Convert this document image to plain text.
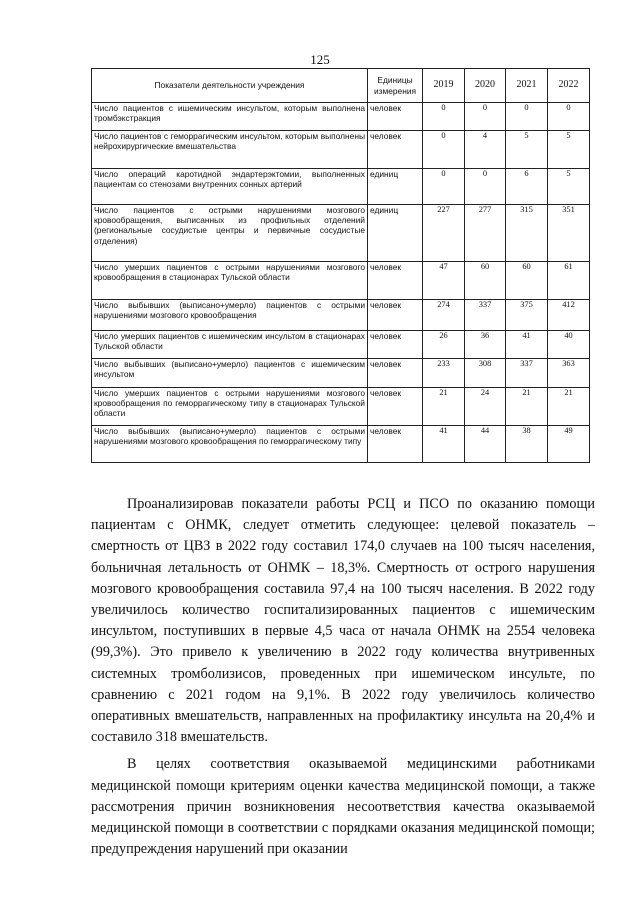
125
Показатели деятельности учреждения	Единицы измерения	2019	2020	2021	2022
Число пациентов с ишемическим инсультом, которым выполнена тромбэкстракция	человек	0	0	0	0
Число пациентов с геморрагическим инсультом, которым выполнены нейрохирургические вмешательства	человек	0	4	5	5
Число операций каротидной эндартерэктомии, выполненных пациентам со стенозами внутренних сонных артерий	единиц	0	0	6	5
Число пациентов с острыми нарушениями мозгового кровообращения, выписанных из профильных отделений (региональные сосудистые центры и первичные сосудистые отделения)	единиц	227	277	315	351
Число умерших пациентов с острыми нарушениями мозгового кровообращения в стационарах Тульской области	человек	47	60	60	61
Число выбывших (выписано+умерло) пациентов с острыми нарушениями мозгового кровообращения	человек	274	337	375	412
Число умерших пациентов с ишемическим инсультом в стационарах Тульской области	человек	26	36	41	40
Число выбывших (выписано+умерло) пациентов с ишемическим инсультом	человек	233	308	337	363
Число умерших пациентов с острыми нарушениями мозгового кровообращения по геморрагическому типу в стационарах Тульской области	человек	21	24	21	21
Число выбывших (выписано+умерло) пациентов с острыми нарушениями мозгового кровообращения по геморрагическому типу	человек	41	44	38	49

Проанализировав показатели работы РСЦ и ПСО по оказанию помощи пациентам с ОНМК, следует отметить следующее: целевой показатель – смертность от ЦВЗ в 2022 году составил 174,0 случаев на 100 тысяч населения, больничная летальность от ОНМК – 18,3%. Смертность от острого нарушения мозгового кровообращения составила 97,4 на 100 тысяч населения. В 2022 году увеличилось количество госпитализированных пациентов с ишемическим инсультом, поступивших в первые 4,5 часа от начала ОНМК на 2554 человека (99,3%). Это привело к увеличению в 2022 году количества внутривенных системных тромболизисов, проведенных при ишемическом инсульте, по сравнению с 2021 годом на 9,1%. В 2022 году увеличилось количество оперативных вмешательств, направленных на профилактику инсульта на 20,4% и составило 318 вмешательств.

В целях соответствия оказываемой медицинскими работниками медицинской помощи критериям оценки качества медицинской помощи, а также рассмотрения причин возникновения несоответствия качества оказываемой медицинской помощи в соответствии с порядками оказания медицинской помощи; предупреждения нарушений при оказании
